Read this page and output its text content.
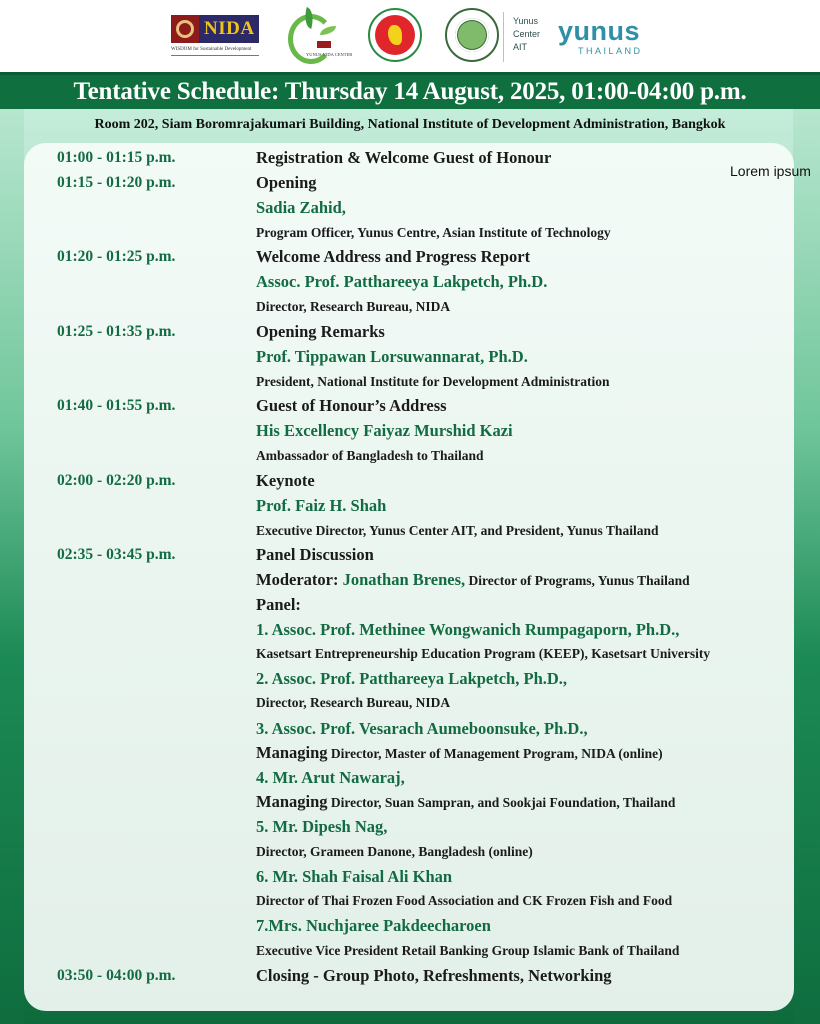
NIDA
WISDOM for Sustainable Development
YUNUS NIDA CENTER
Yunus
Center
AIT
yunus
THAILAND
Tentative Schedule: Thursday 14 August, 2025, 01:00-04:00 p.m.
Room 202, Siam Boromrajakumari Building, National Institute of Development Administration, Bangkok
01:00 - 01:15 p.m.
01:15 - 01:20 p.m.
01:20 - 01:25 p.m.
01:25 - 01:35 p.m.
01:40 - 01:55 p.m.
02:00 - 02:20 p.m.
02:35 - 03:45 p.m.
03:50 - 04:00 p.m.
Registration & Welcome Guest of Honour
Opening
Sadia Zahid,
Program Officer, Yunus Centre, Asian Institute of Technology
Welcome Address and Progress Report
Assoc. Prof. Patthareeya Lakpetch, Ph.D.
Director, Research Bureau, NIDA
Opening Remarks
Prof. Tippawan Lorsuwannarat, Ph.D.
President, National Institute for Development Administration
Guest of Honour’s Address
His Excellency Faiyaz Murshid Kazi
Ambassador of Bangladesh to Thailand
Keynote
Prof. Faiz H. Shah
Executive Director, Yunus Center AIT, and President, Yunus Thailand
Panel Discussion
Moderator: Jonathan Brenes, Director of Programs, Yunus Thailand
Panel:
1. Assoc. Prof. Methinee Wongwanich Rumpagaporn, Ph.D.,
Kasetsart Entrepreneurship Education Program (KEEP), Kasetsart University
2. Assoc. Prof. Patthareeya Lakpetch, Ph.D.,
Director, Research Bureau, NIDA
3. Assoc. Prof. Vesarach Aumeboonsuke, Ph.D.,
Managing Director, Master of Management Program, NIDA (online)
4. Mr. Arut Nawaraj,
Managing Director, Suan Sampran, and Sookjai Foundation, Thailand
5. Mr. Dipesh Nag,
Director, Grameen Danone, Bangladesh (online)
6. Mr. Shah Faisal Ali Khan
Director of Thai Frozen Food Association and CK Frozen Fish and Food
7.Mrs. Nuchjaree Pakdeecharoen
Executive Vice President Retail Banking Group Islamic Bank of Thailand
Closing - Group Photo, Refreshments, Networking
Lorem ipsum
